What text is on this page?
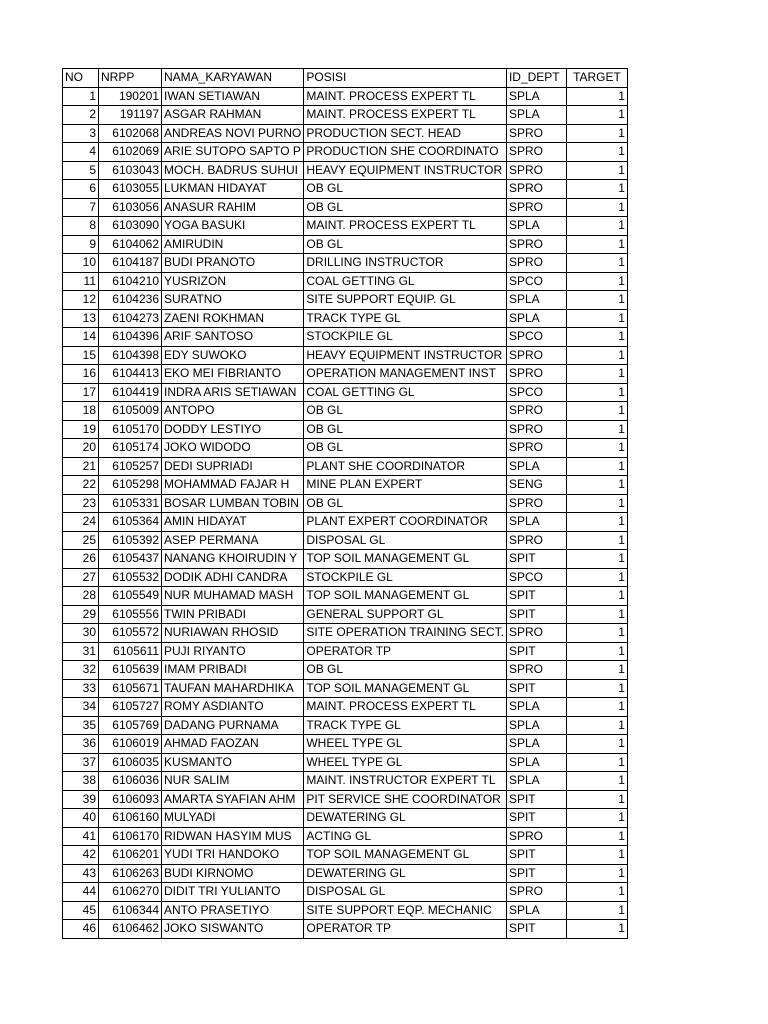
NO	NRPP	NAMA_KARYAWAN	POSISI	ID_DEPT	TARGET
1	190201	IWAN SETIAWAN	MAINT. PROCESS EXPERT TL	SPLA	1
2	191197	ASGAR RAHMAN	MAINT. PROCESS EXPERT TL	SPLA	1
3	6102068	ANDREAS NOVI PURNO	PRODUCTION SECT. HEAD	SPRO	1
4	6102069	ARIE SUTOPO SAPTO P	PRODUCTION SHE COORDINATO	SPRO	1
5	6103043	MOCH. BADRUS SUHUI	HEAVY EQUIPMENT INSTRUCTOR	SPRO	1
6	6103055	LUKMAN HIDAYAT	OB GL	SPRO	1
7	6103056	ANASUR RAHIM	OB GL	SPRO	1
8	6103090	YOGA BASUKI	MAINT. PROCESS EXPERT TL	SPLA	1
9	6104062	AMIRUDIN	OB GL	SPRO	1
10	6104187	BUDI PRANOTO	DRILLING INSTRUCTOR	SPRO	1
11	6104210	YUSRIZON	COAL GETTING GL	SPCO	1
12	6104236	SURATNO	SITE SUPPORT EQUIP. GL	SPLA	1
13	6104273	ZAENI ROKHMAN	TRACK TYPE GL	SPLA	1
14	6104396	ARIF SANTOSO	STOCKPILE GL	SPCO	1
15	6104398	EDY SUWOKO	HEAVY EQUIPMENT INSTRUCTOR	SPRO	1
16	6104413	EKO MEI FIBRIANTO	OPERATION MANAGEMENT INST	SPRO	1
17	6104419	INDRA ARIS SETIAWAN	COAL GETTING GL	SPCO	1
18	6105009	ANTOPO	OB GL	SPRO	1
19	6105170	DODDY LESTIYO	OB GL	SPRO	1
20	6105174	JOKO WIDODO	OB GL	SPRO	1
21	6105257	DEDI SUPRIADI	PLANT SHE COORDINATOR	SPLA	1
22	6105298	MOHAMMAD FAJAR H	MINE PLAN EXPERT	SENG	1
23	6105331	BOSAR LUMBAN TOBIN	OB GL	SPRO	1
24	6105364	AMIN HIDAYAT	PLANT EXPERT COORDINATOR	SPLA	1
25	6105392	ASEP PERMANA	DISPOSAL GL	SPRO	1
26	6105437	NANANG KHOIRUDIN Y	TOP SOIL MANAGEMENT GL	SPIT	1
27	6105532	DODIK ADHI CANDRA	STOCKPILE GL	SPCO	1
28	6105549	NUR MUHAMAD MASH	TOP SOIL MANAGEMENT GL	SPIT	1
29	6105556	TWIN PRIBADI	GENERAL SUPPORT GL	SPIT	1
30	6105572	NURIAWAN RHOSID	SITE OPERATION TRAINING SECT.	SPRO	1
31	6105611	PUJI RIYANTO	OPERATOR TP	SPIT	1
32	6105639	IMAM PRIBADI	OB GL	SPRO	1
33	6105671	TAUFAN MAHARDHIKA	TOP SOIL MANAGEMENT GL	SPIT	1
34	6105727	ROMY ASDIANTO	MAINT. PROCESS EXPERT TL	SPLA	1
35	6105769	DADANG PURNAMA	TRACK TYPE GL	SPLA	1
36	6106019	AHMAD FAOZAN	WHEEL TYPE GL	SPLA	1
37	6106035	KUSMANTO	WHEEL TYPE GL	SPLA	1
38	6106036	NUR SALIM	MAINT. INSTRUCTOR EXPERT TL	SPLA	1
39	6106093	AMARTA SYAFIAN AHM	PIT SERVICE SHE COORDINATOR	SPIT	1
40	6106160	MULYADI	DEWATERING GL	SPIT	1
41	6106170	RIDWAN HASYIM MUS	ACTING GL	SPRO	1
42	6106201	YUDI TRI HANDOKO	TOP SOIL MANAGEMENT GL	SPIT	1
43	6106263	BUDI KIRNOMO	DEWATERING GL	SPIT	1
44	6106270	DIDIT TRI YULIANTO	DISPOSAL GL	SPRO	1
45	6106344	ANTO PRASETIYO	SITE SUPPORT EQP. MECHANIC	SPLA	1
46	6106462	JOKO SISWANTO	OPERATOR TP	SPIT	1
